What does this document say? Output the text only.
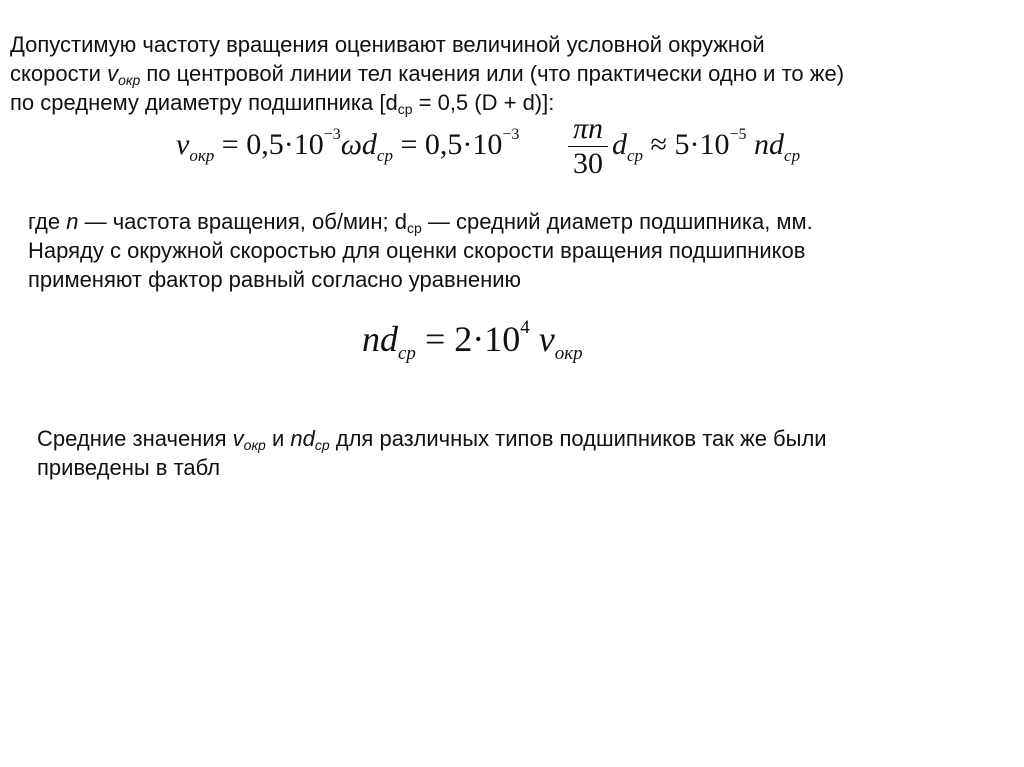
Допустимую частоту вращения оценивают величиной условной окружной
скорости $v_{окр}$ по центровой линии тел качения или (что практически одно и то же)
по среднему диаметру подшипника [$d_{ср} = 0,5$ (D + d)]:
$v_{окр} = 0,5\cdot 10^{-3}\omega d_{ср} = 0,5\cdot 10^{-3}$ πn
30
$d_{ср} \approx 5\cdot 10^{-5}$ $nd_{ср}$
где n — частота вращения, об/мин; $d_{ср}$ — средний диаметр подшипника, мм.
Наряду с окружной скоростью для оценки скорости вращения подшипников
применяют фактор равный согласно уравнению
$nd_{ср} = 2\cdot 10^4$ $v_{окр}$
Средние значения $v_{окр}$ и $nd_{ср}$ для различных типов подшипников так же были
приведены в табл
